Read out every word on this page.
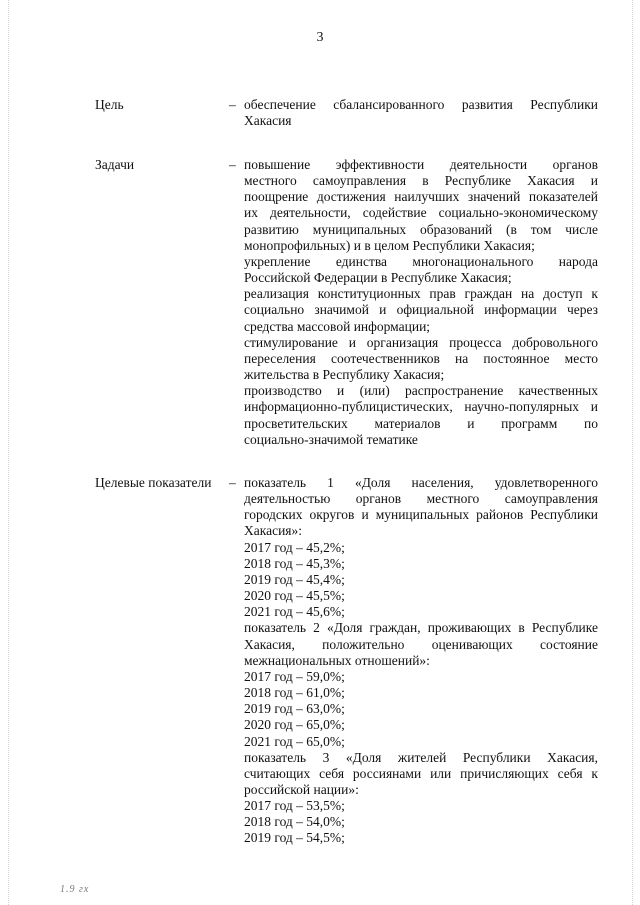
3
Цель	– обеспечение сбалансированного развития Республики
Хакасия
Задачи	– повышение эффективности деятельности органов
местного самоуправления в Республике Хакасия и
поощрение достижения наилучших значений показателей
их деятельности, содействие социально-экономическому
развитию муниципальных образований (в том числе
монопрофильных) и в целом Республики Хакасия;
укрепление единства многонационального народа
Российской Федерации в Республике Хакасия;
реализация конституционных прав граждан на доступ к
социально значимой и официальной информации через
средства массовой информации;
стимулирование и организация процесса добровольного
переселения соотечественников на постоянное место
жительства в Республику Хакасия;
производство и (или) распространение качественных
информационно-публицистических, научно-популярных и
просветительских материалов и программ по
социально-значимой тематике
Целевые показатели	– показатель 1 «Доля населения, удовлетворенного
деятельностью органов местного самоуправления
городских округов и муниципальных районов Республики
Хакасия»:
2017 год – 45,2%;
2018 год – 45,3%;
2019 год – 45,4%;
2020 год – 45,5%;
2021 год – 45,6%;
показатель 2 «Доля граждан, проживающих в Республике
Хакасия, положительно оценивающих состояние
межнациональных отношений»:
2017 год – 59,0%;
2018 год – 61,0%;
2019 год – 63,0%;
2020 год – 65,0%;
2021 год – 65,0%;
показатель 3 «Доля жителей Республики Хакасия,
считающих себя россиянами или причисляющих себя к
российской нации»:
2017 год – 53,5%;
2018 год – 54,0%;
2019 год – 54,5%;
1.9 гх
